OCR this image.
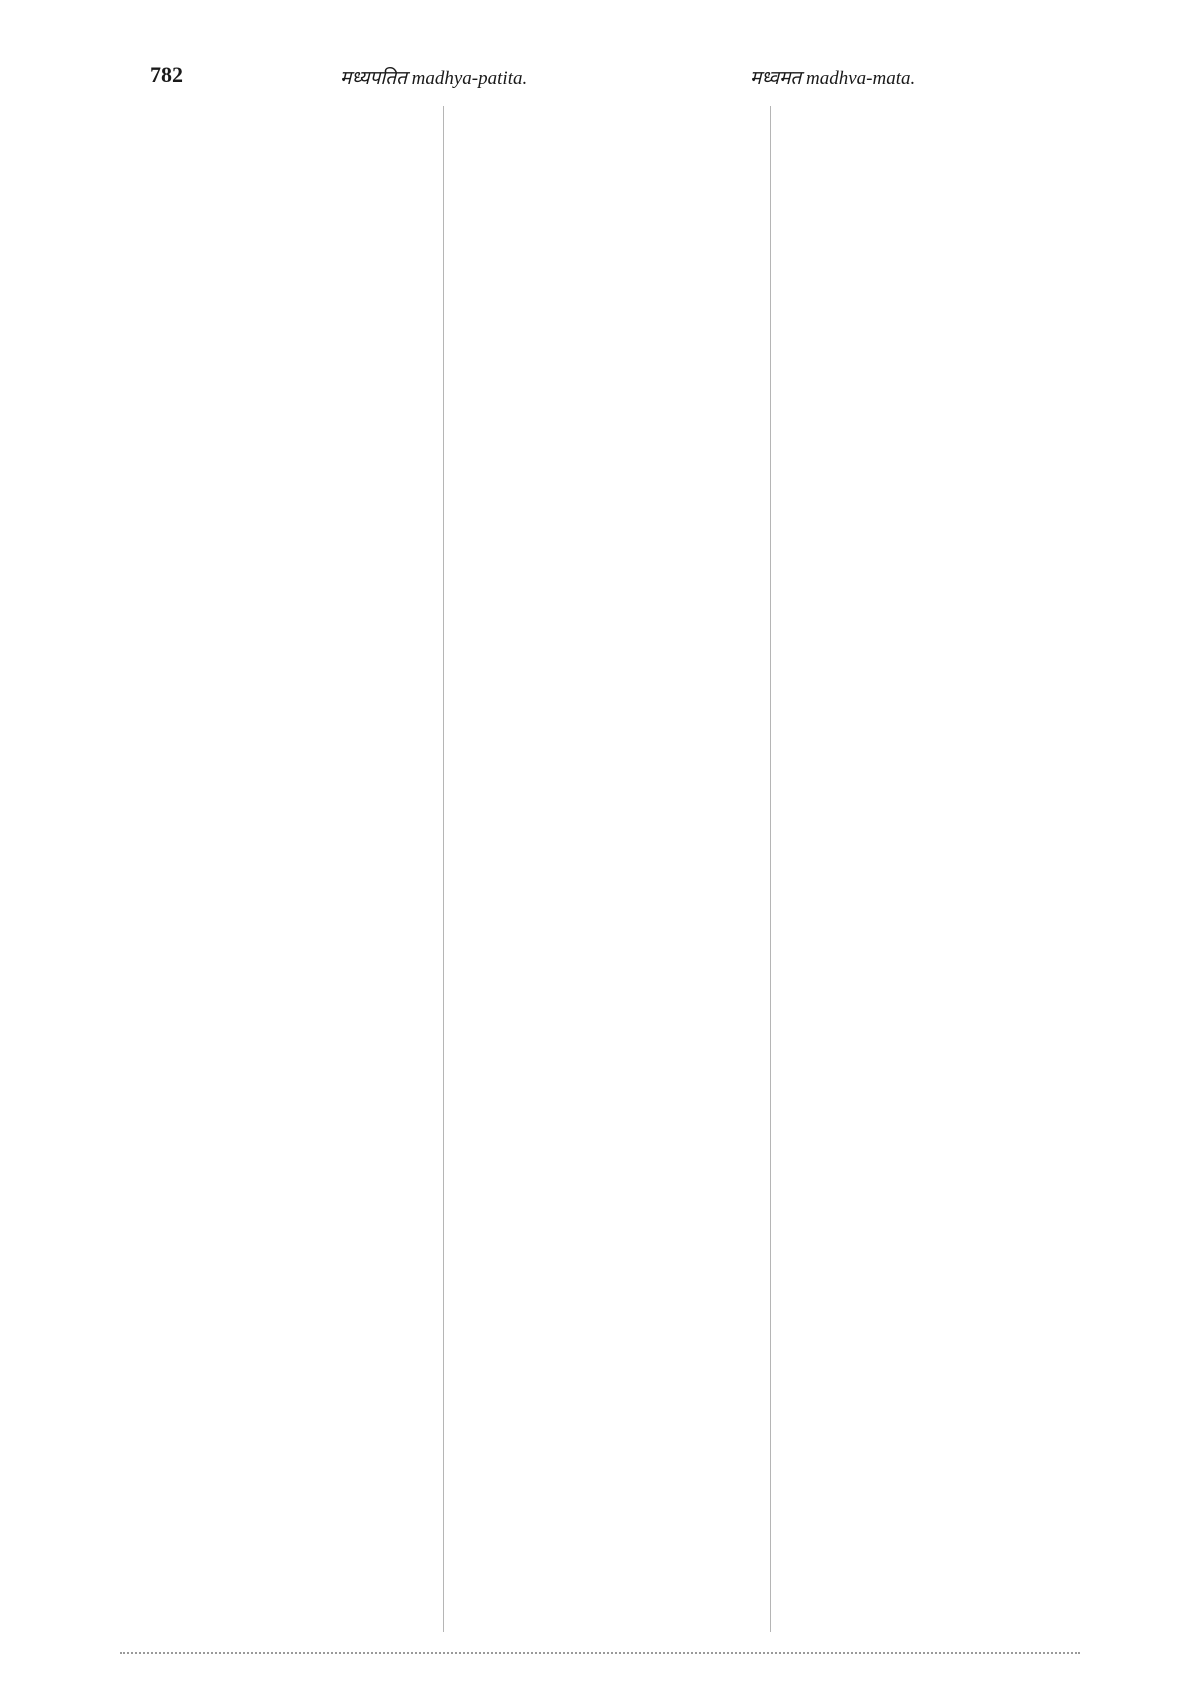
782	मध्यपतित madhya-patita.	मध्वमत madhva-mata.
